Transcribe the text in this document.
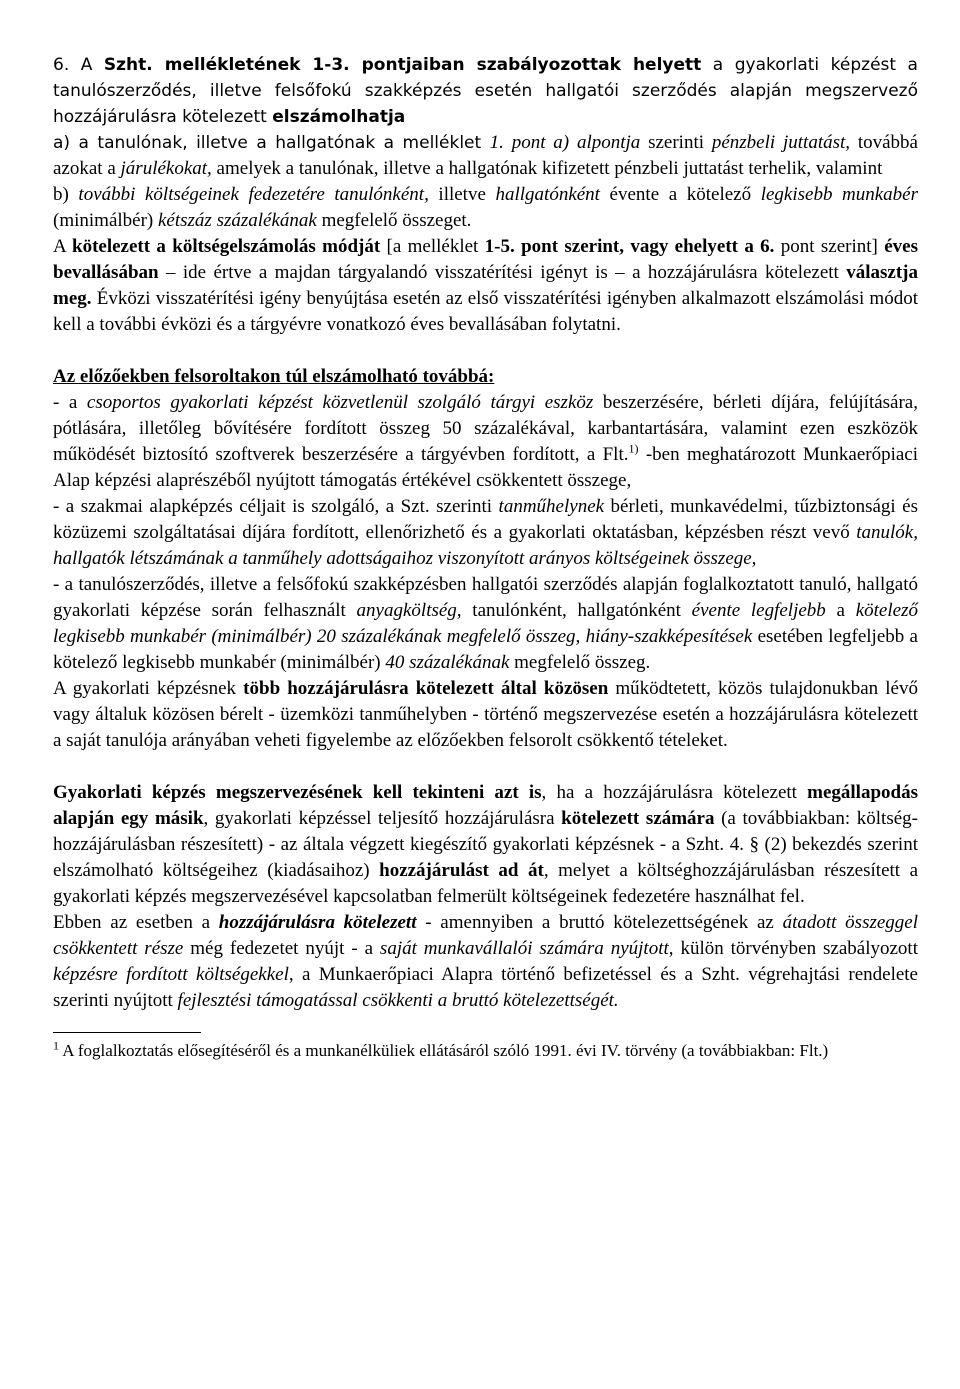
6. A Szht. mellékletének 1-3. pontjaiban szabályozottak helyett a gyakorlati képzést a tanulószerződés, illetve felsőfokú szakképzés esetén hallgatói szerződés alapján megszervező hozzájárulásra kötelezett elszámolhatja

a) a tanulónak, illetve a hallgatónak a melléklet 1. pont a) alpontja szerinti pénzbeli juttatást, továbbá azokat a járulékokat, amelyek a tanulónak, illetve a hallgatónak kifizetett pénzbeli juttatást terhelik, valamint

b) további költségeinek fedezetére tanulónként, illetve hallgatónként évente a kötelező legkisebb munkabér (minimálbér) kétszáz százalékának megfelelő összeget.

A kötelezett a költségelszámolás módját [a melléklet 1-5. pont szerint, vagy ehelyett a 6. pont szerint] éves bevallásában – ide értve a majdan tárgyalandó visszatérítési igényt is – a hozzájárulásra kötelezett választja meg. Évközi visszatérítési igény benyújtása esetén az első visszatérítési igényben alkalmazott elszámolási módot kell a további évközi és a tárgyévre vonatkozó éves bevallásában folytatni.

Az előzőekben felsoroltakon túl elszámolható továbbá:

- a csoportos gyakorlati képzést közvetlenül szolgáló tárgyi eszköz beszerzésére, bérleti díjára, felújítására, pótlására, illetőleg bővítésére fordított összeg 50 százalékával, karbantartására, valamint ezen eszközök működését biztosító szoftverek beszerzésére a tárgyévben fordított, a Flt.$^{1)}$ -ben meghatározott Munkaerőpiaci Alap képzési alaprészéből nyújtott támogatás értékével csökkentett összege,

- a szakmai alapképzés céljait is szolgáló, a Szt. szerinti tanműhelynek bérleti, munkavédelmi, tűzbiztonsági és közüzemi szolgáltatásai díjára fordított, ellenőrizhető és a gyakorlati oktatásban, képzésben részt vevő tanulók, hallgatók létszámának a tanműhely adottságaihoz viszonyított arányos költségeinek összege,

- a tanulószerződés, illetve a felsőfokú szakképzésben hallgatói szerződés alapján foglalkoztatott tanuló, hallgató gyakorlati képzése során felhasznált anyagköltség, tanulónként, hallgatónként évente legfeljebb a kötelező legkisebb munkabér (minimálbér) 20 százalékának megfelelő összeg, hiány-szakképesítések esetében legfeljebb a kötelező legkisebb munkabér (minimálbér) 40 százalékának megfelelő összeg.

A gyakorlati képzésnek több hozzájárulásra kötelezett által közösen működtetett, közös tulajdonukban lévő vagy általuk közösen bérelt - üzemközi tanműhelyben - történő megszervezése esetén a hozzájárulásra kötelezett a saját tanulója arányában veheti figyelembe az előzőekben felsorolt csökkentő tételeket.

Gyakorlati képzés megszervezésének kell tekinteni azt is, ha a hozzájárulásra kötelezett megállapodás alapján egy másik, gyakorlati képzéssel teljesítő hozzájárulásra kötelezett számára (a továbbiakban: költség-hozzájárulásban részesített) - az általa végzett kiegészítő gyakorlati képzésnek - a Szht. 4. § (2) bekezdés szerint elszámolható költségeihez (kiadásaihoz) hozzájárulást ad át, melyet a költséghozzájárulásban részesített a gyakorlati képzés megszervezésével kapcsolatban felmerült költségeinek fedezetére használhat fel.

Ebben az esetben a hozzájárulásra kötelezett - amennyiben a bruttó kötelezettségének az átadott összeggel csökkentett része még fedezetet nyújt - a saját munkavállalói számára nyújtott, külön törvényben szabályozott képzésre fordított költségekkel, a Munkaerőpiaci Alapra történő befizetéssel és a Szht. végrehajtási rendelete szerinti nyújtott fejlesztési támogatással csökkenti a bruttó kötelezettségét.

$^1$ A foglalkoztatás elősegítéséről és a munkanélküliek ellátásáról szóló 1991. évi IV. törvény (a továbbiakban: Flt.)
